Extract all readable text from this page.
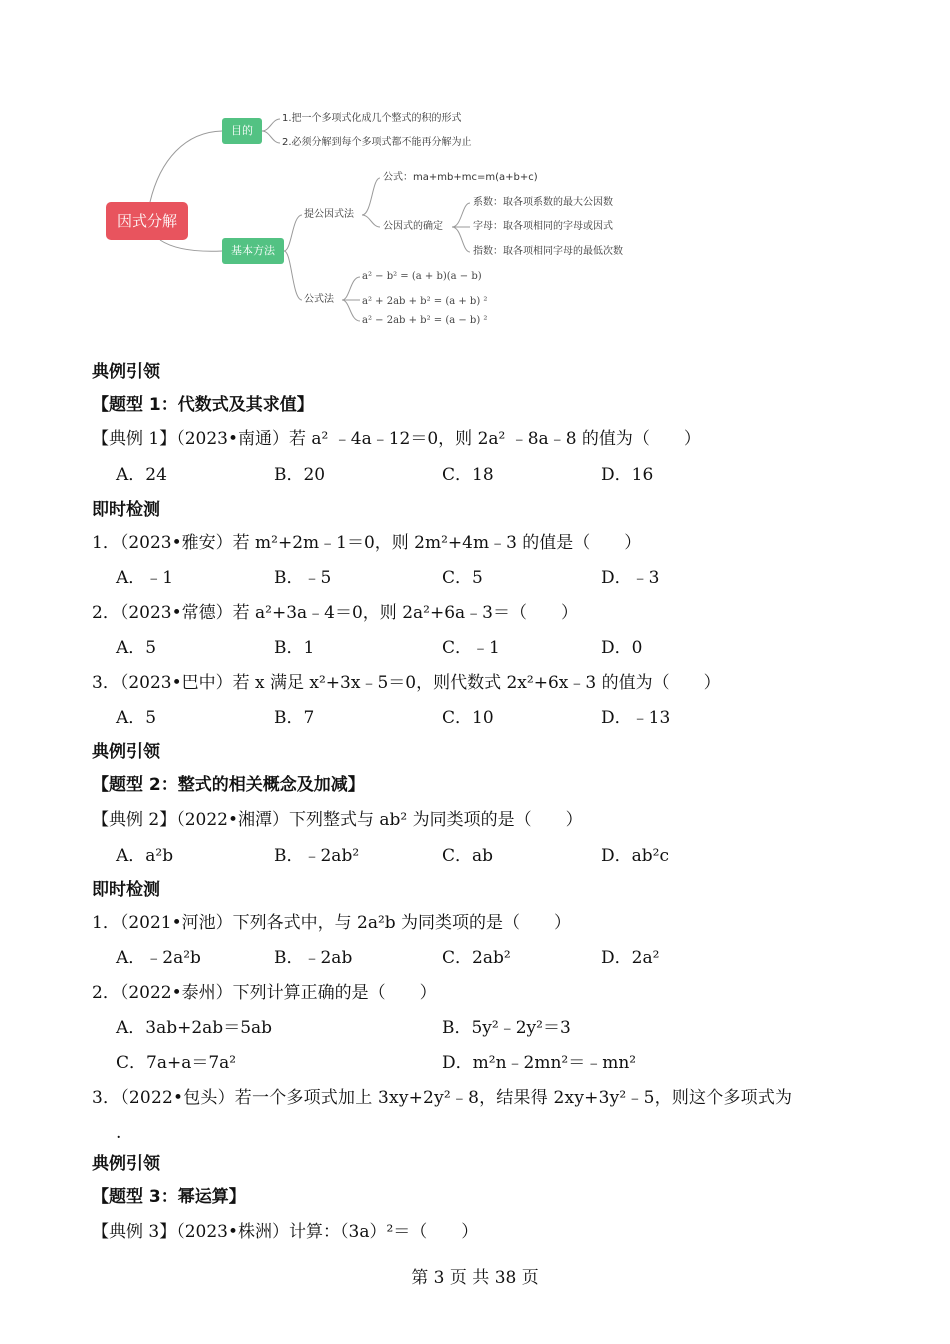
因式分解
目的
1.把一个多项式化成几个整式的积的形式
2.必须分解到每个多项式都不能再分解为止
基本方法
提公因式法
公式：ma+mb+mc=m(a+b+c)
公因式的确定
系数：取各项系数的最大公因数
字母：取各项相同的字母或因式
指数：取各项相同字母的最低次数
公式法
a² − b² = (a + b)(a − b)
a² + 2ab + b² = (a + b) ²
a² − 2ab + b² = (a − b) ²
典例引领
【题型 1：代数式及其求值】
【典例 1】（2023•南通）若 a² ﹣4a﹣12＝0，则 2a² ﹣8a﹣8 的值为（　　）
A．24	B．20	C．18	D．16
即时检测
1．（2023•雅安）若 m²+2m﹣1＝0，则 2m²+4m﹣3 的值是（　　）
A．﹣1	B．﹣5	C．5	D．﹣3
2．（2023•常德）若 a²+3a﹣4＝0，则 2a²+6a﹣3＝（　　）
A．5	B．1	C．﹣1	D．0
3．（2023•巴中）若 x 满足 x²+3x﹣5＝0，则代数式 2x²+6x﹣3 的值为（　　）
A．5	B．7	C．10	D．﹣13
典例引领
【题型 2：整式的相关概念及加减】
【典例 2】（2022•湘潭）下列整式与 ab² 为同类项的是（　　）
A．a²b	B．﹣2ab²	C．ab	D．ab²c
即时检测
1．（2021•河池）下列各式中，与 2a²b 为同类项的是（　　）
A．﹣2a²b	B．﹣2ab	C．2ab²	D．2a²
2．（2022•泰州）下列计算正确的是（　　）
A．3ab+2ab＝5ab	B．5y²﹣2y²＝3
C．7a+a＝7a²	D．m²n﹣2mn²＝﹣mn²
3．（2022•包头）若一个多项式加上 3xy+2y²﹣8，结果得 2xy+3y²﹣5，则这个多项式为
.
典例引领
【题型 3：幂运算】
【典例 3】（2023•株洲）计算：（3a）²＝（　　）
第 3 页 共 38 页
